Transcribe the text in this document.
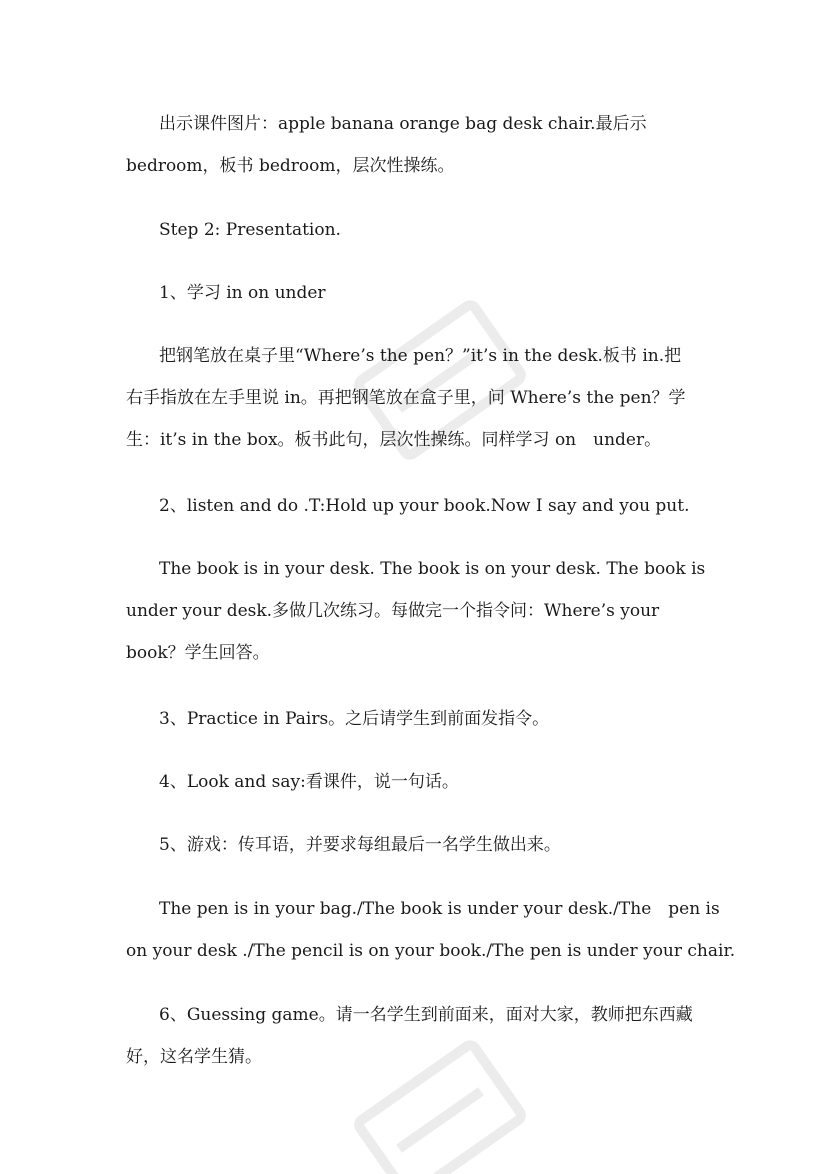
出示课件图片：apple banana orange bag desk chair.最后示
bedroom，板书 bedroom，层次性操练。
Step 2: Presentation.
1、学习 in on under
把钢笔放在桌子里“Where’s the pen？”it’s in the desk.板书 in.把
右手指放在左手里说 in。再把钢笔放在盒子里，问 Where’s the pen？学
生：it’s in the box。板书此句，层次性操练。同样学习 on　under。
2、listen and do .T:Hold up your book.Now I say and you put.
The book is in your desk. The book is on your desk. The book is
under your desk.多做几次练习。每做完一个指令问：Where’s your
book？学生回答。
3、Practice in Pairs。之后请学生到前面发指令。
4、Look and say:看课件，说一句话。
5、游戏：传耳语，并要求每组最后一名学生做出来。
The pen is in your bag./The book is under your desk./The　pen is
on your desk ./The pencil is on your book./The pen is under your chair.
6、Guessing game。请一名学生到前面来，面对大家，教师把东西藏
好，这名学生猜。
